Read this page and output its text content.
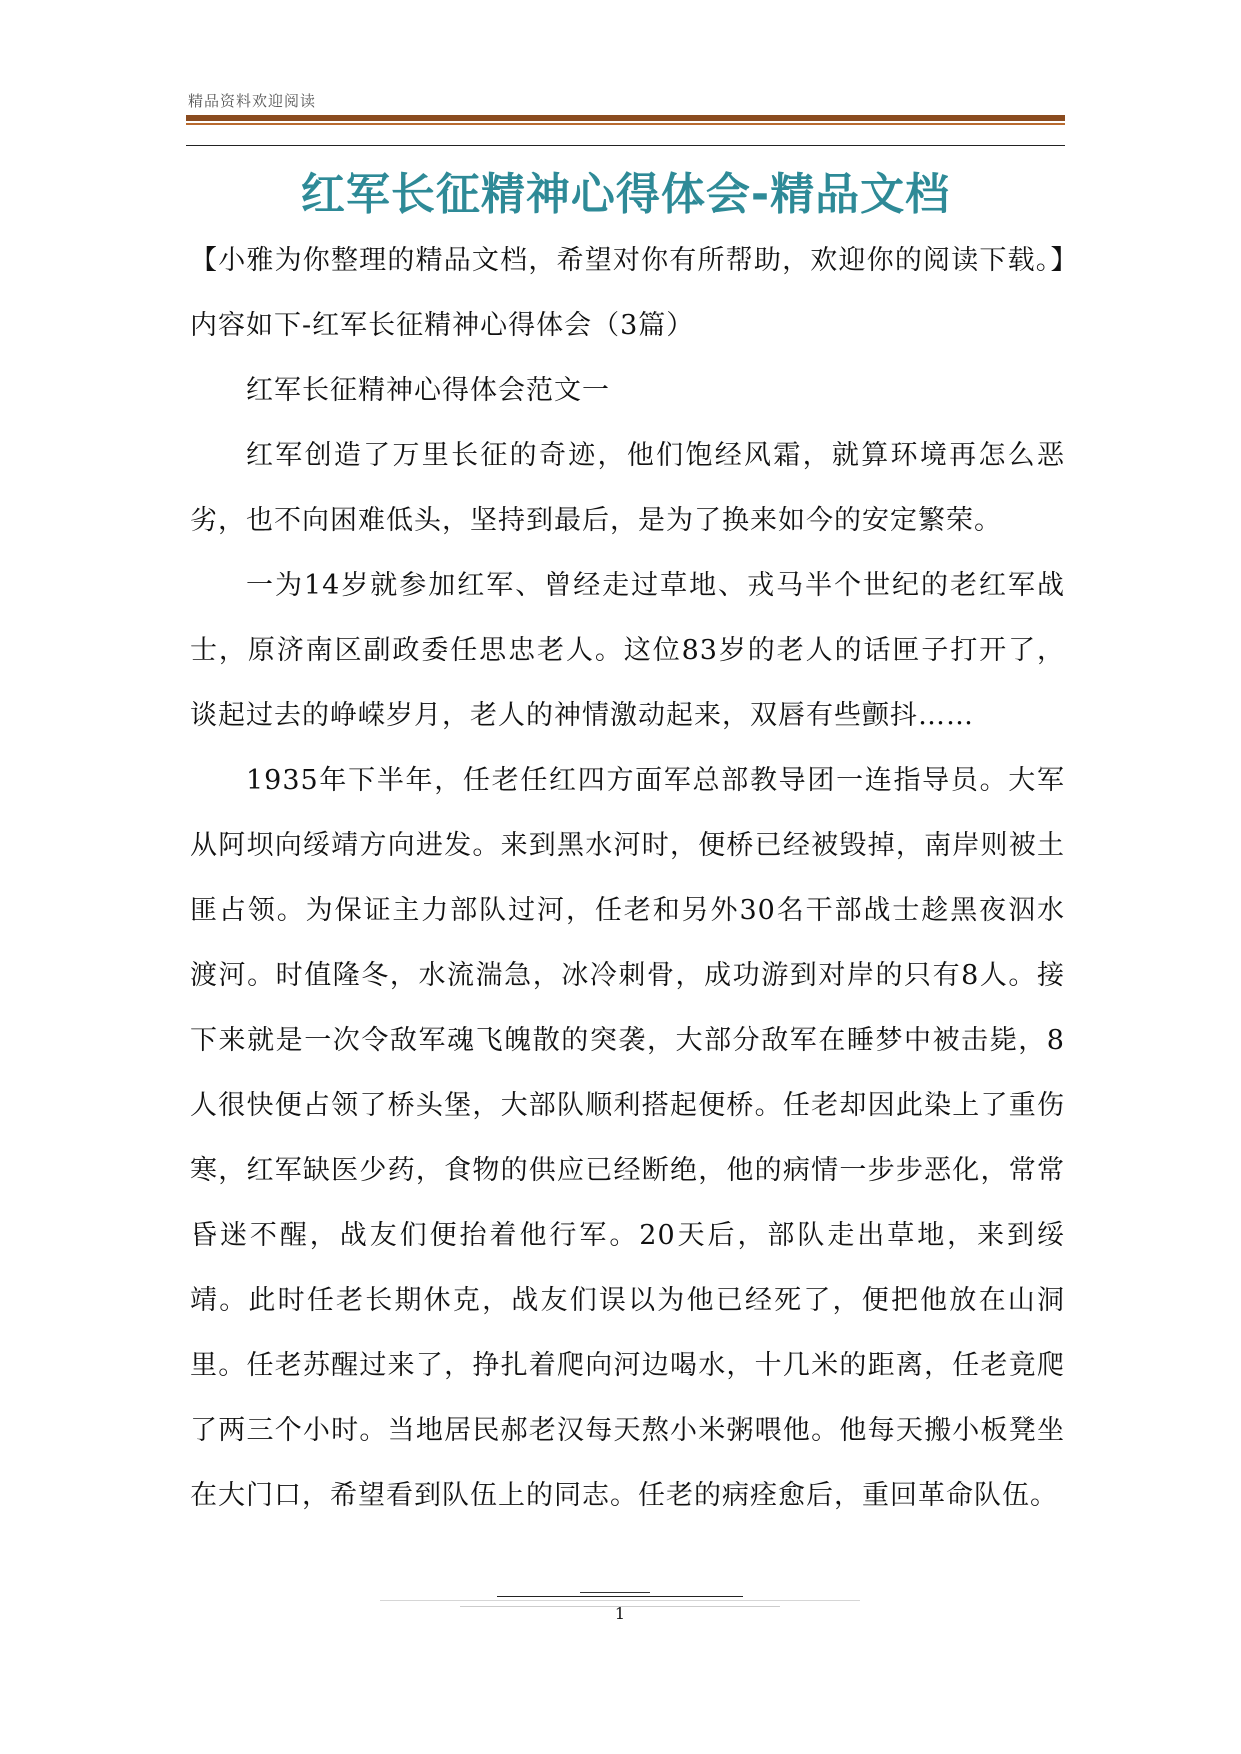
精品资料欢迎阅读
红军长征精神心得体会-精品文档

【小雅为你整理的精品文档，希望对你有所帮助，欢迎你的阅读下载。】内容如下-红军长征精神心得体会（3篇）

红军长征精神心得体会范文一

红军创造了万里长征的奇迹，他们饱经风霜，就算环境再怎么恶劣，也不向困难低头，坚持到最后，是为了换来如今的安定繁荣。

一为14岁就参加红军、曾经走过草地、戎马半个世纪的老红军战士，原济南区副政委任思忠老人。这位83岁的老人的话匣子打开了，谈起过去的峥嵘岁月，老人的神情激动起来，双唇有些颤抖……

1935年下半年，任老任红四方面军总部教导团一连指导员。大军从阿坝向绥靖方向进发。来到黑水河时，便桥已经被毁掉，南岸则被土匪占领。为保证主力部队过河，任老和另外30名干部战士趁黑夜泅水渡河。时值隆冬，水流湍急，冰冷刺骨，成功游到对岸的只有8人。接下来就是一次令敌军魂飞魄散的突袭，大部分敌军在睡梦中被击毙，8人很快便占领了桥头堡，大部队顺利搭起便桥。任老却因此染上了重伤寒，红军缺医少药，食物的供应已经断绝，他的病情一步步恶化，常常昏迷不醒，战友们便抬着他行军。20天后，部队走出草地，来到绥靖。此时任老长期休克，战友们误以为他已经死了，便把他放在山洞里。任老苏醒过来了，挣扎着爬向河边喝水，十几米的距离，任老竟爬了两三个小时。当地居民郝老汉每天熬小米粥喂他。他每天搬小板凳坐在大门口，希望看到队伍上的同志。任老的病痊愈后，重回革命队伍。

1
